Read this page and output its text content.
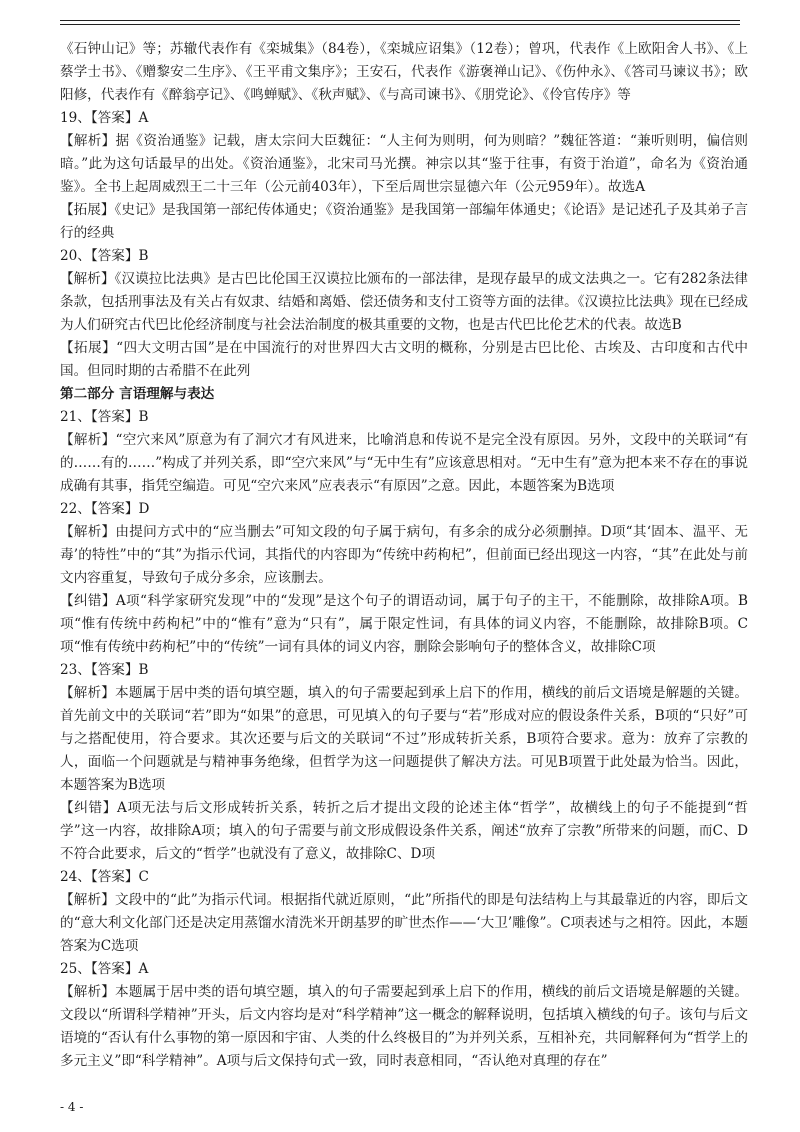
《石钟山记》等；苏辙代表作有《栾城集》（84卷），《栾城应诏集》（12卷）；曾巩，代表作《上欧阳舍人书》、《上蔡学士书》、《赠黎安二生序》、《王平甫文集序》；王安石，代表作《游褒禅山记》、《伤仲永》、《答司马谏议书》；欧阳修，代表作有《醉翁亭记》、《鸣蝉赋》、《秋声赋》、《与高司谏书》、《朋党论》、《伶官传序》等

19、【答案】A

【解析】据《资治通鉴》记载，唐太宗问大臣魏征：“人主何为则明，何为则暗？”魏征答道：“兼听则明，偏信则暗。”此为这句话最早的出处。《资治通鉴》，北宋司马光撰。神宗以其“鉴于往事，有资于治道”，命名为《资治通鉴》。全书上起周威烈王二十三年（公元前403年），下至后周世宗显德六年（公元959年）。故选A

【拓展】《史记》是我国第一部纪传体通史；《资治通鉴》是我国第一部编年体通史；《论语》是记述孔子及其弟子言行的经典

20、【答案】B

【解析】《汉谟拉比法典》是古巴比伦国王汉谟拉比颁布的一部法律，是现存最早的成文法典之一。它有282条法律条款，包括刑事法及有关占有奴隶、结婚和离婚、偿还债务和支付工资等方面的法律。《汉谟拉比法典》现在已经成为人们研究古代巴比伦经济制度与社会法治制度的极其重要的文物，也是古代巴比伦艺术的代表。故选B

【拓展】“四大文明古国”是在中国流行的对世界四大古文明的概称，分别是古巴比伦、古埃及、古印度和古代中国。但同时期的古希腊不在此列

第二部分 言语理解与表达

21、【答案】B

【解析】“空穴来风”原意为有了洞穴才有风进来，比喻消息和传说不是完全没有原因。另外，文段中的关联词“有的……有的……”构成了并列关系，即“空穴来风”与“无中生有”应该意思相对。“无中生有”意为把本来不存在的事说成确有其事，指凭空编造。可见“空穴来风”应表表示“有原因”之意。因此，本题答案为B选项

22、【答案】D

【解析】由提问方式中的“应当删去”可知文段的句子属于病句，有多余的成分必须删掉。D项“其‘固本、温平、无毒’的特性”中的“其”为指示代词，其指代的内容即为“传统中药枸杞”，但前面已经出现这一内容，“其”在此处与前文内容重复，导致句子成分多余，应该删去。

【纠错】A项“科学家研究发现”中的“发现”是这个句子的谓语动词，属于句子的主干，不能删除，故排除A项。B项“惟有传统中药枸杞”中的“惟有”意为“只有”，属于限定性词，有具体的词义内容，不能删除，故排除B项。C项“惟有传统中药枸杞”中的“传统”一词有具体的词义内容，删除会影响句子的整体含义，故排除C项

23、【答案】B

【解析】本题属于居中类的语句填空题，填入的句子需要起到承上启下的作用，横线的前后文语境是解题的关键。首先前文中的关联词“若”即为“如果”的意思，可见填入的句子要与“若”形成对应的假设条件关系，B项的“只好”可与之搭配使用，符合要求。其次还要与后文的关联词“不过”形成转折关系，B项符合要求。意为：放弃了宗教的人，面临一个问题就是与精神事务绝缘，但哲学为这一问题提供了解决方法。可见B项置于此处最为恰当。因此，本题答案为B选项

【纠错】A项无法与后文形成转折关系，转折之后才提出文段的论述主体“哲学”，故横线上的句子不能提到“哲学”这一内容，故排除A项；填入的句子需要与前文形成假设条件关系，阐述“放弃了宗教”所带来的问题，而C、D不符合此要求，后文的“哲学”也就没有了意义，故排除C、D项

24、【答案】C

【解析】文段中的“此”为指示代词。根据指代就近原则，“此”所指代的即是句法结构上与其最靠近的内容，即后文的“意大利文化部门还是决定用蒸馏水清洗米开朗基罗的旷世杰作——‘大卫’雕像”。C项表述与之相符。因此，本题答案为C选项

25、【答案】A

【解析】本题属于居中类的语句填空题，填入的句子需要起到承上启下的作用，横线的前后文语境是解题的关键。文段以“所谓科学精神”开头，后文内容均是对“科学精神”这一概念的解释说明，包括填入横线的句子。该句与后文语境的“否认有什么事物的第一原因和宇宙、人类的什么终极目的”为并列关系，互相补充，共同解释何为“哲学上的多元主义”即“科学精神”。A项与后文保持句式一致，同时表意相同，“否认绝对真理的存在”

- 4 -
